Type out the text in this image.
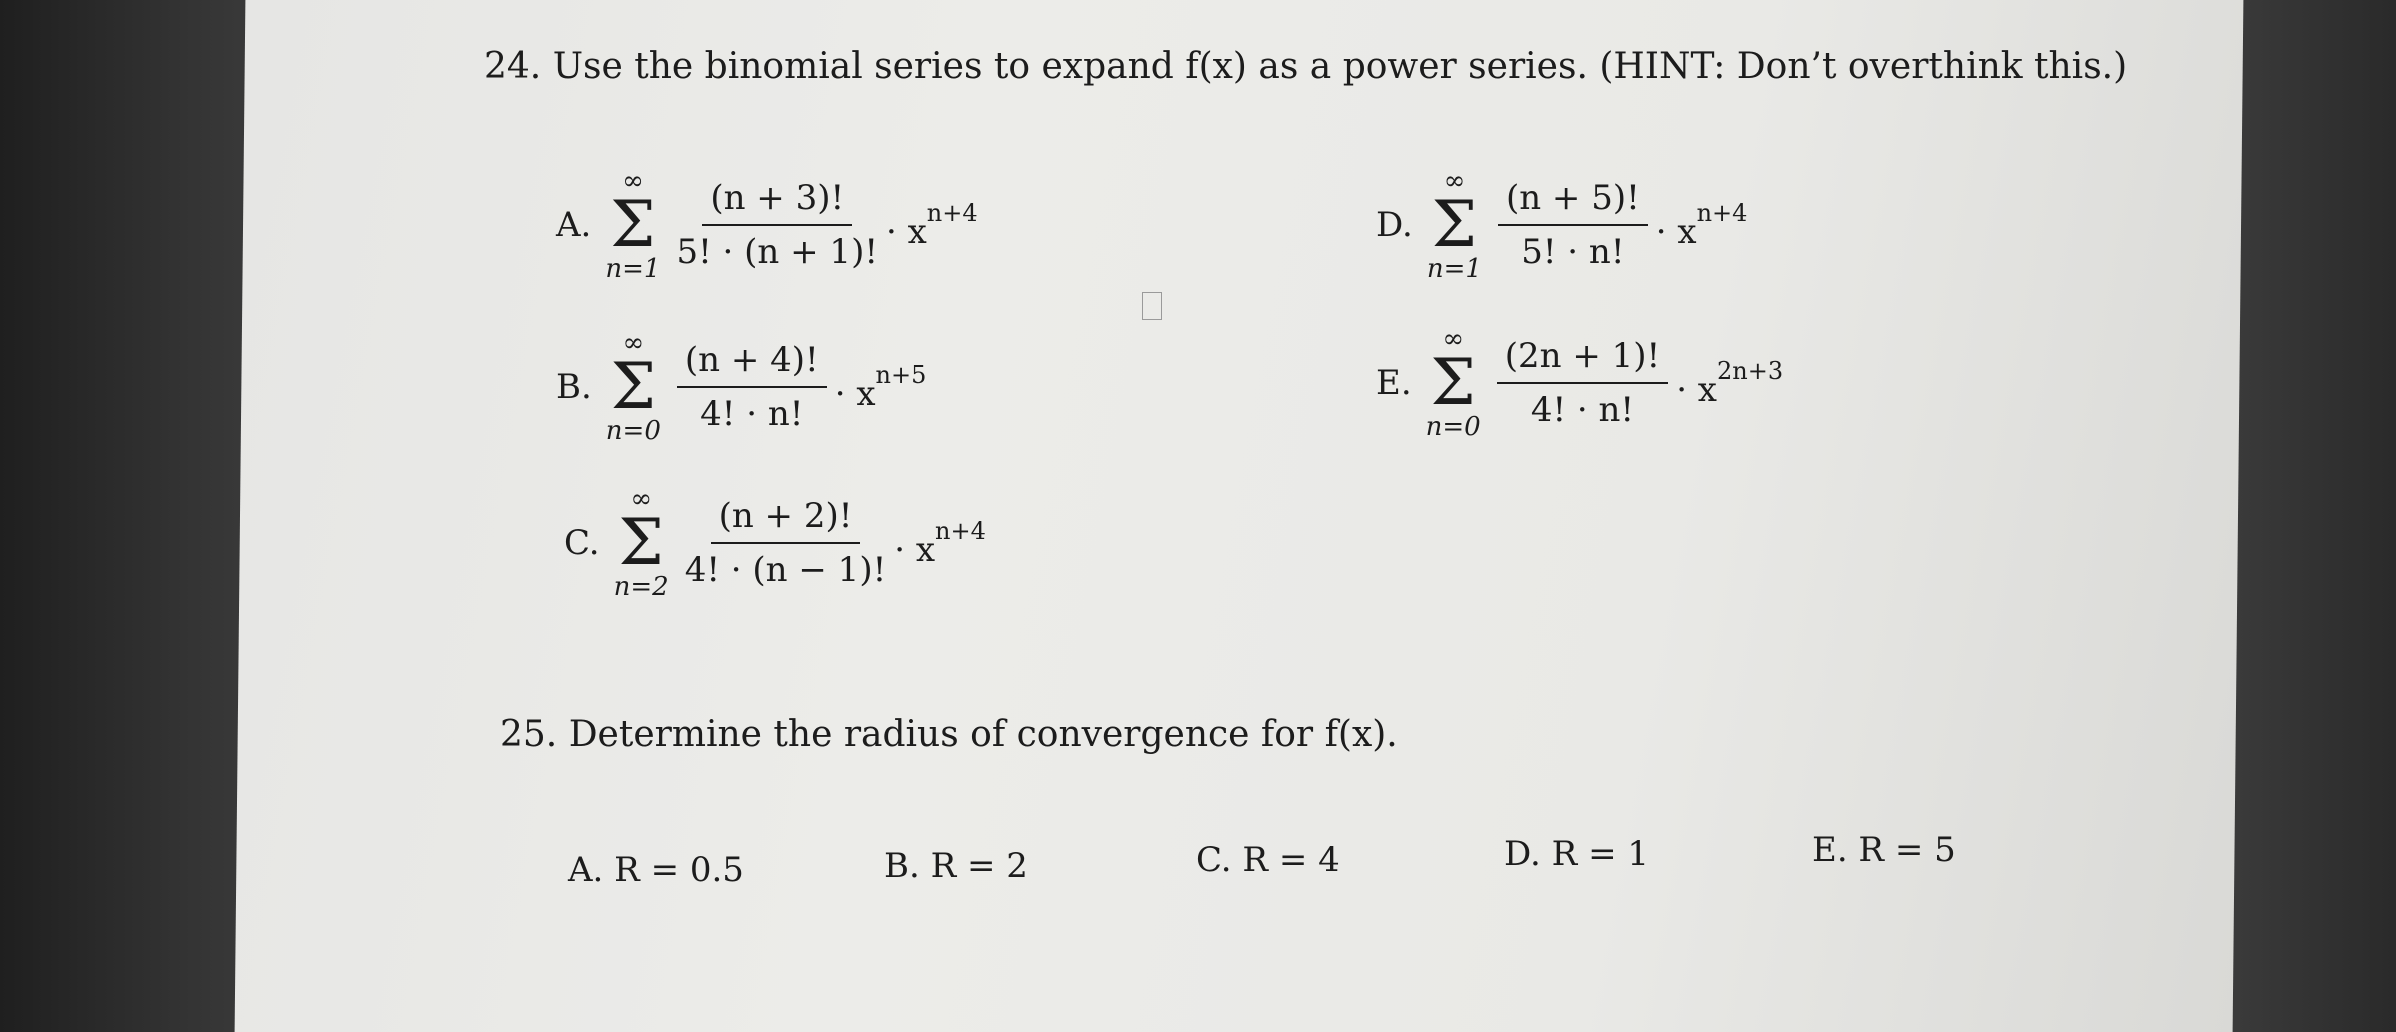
24. Use the binomial series to expand f(x) as a power series. (HINT: Don’t overthink this.)
A.
∞
Σ
$n=1 \frac{(n + 3)!}{5! \cdot (n + 1)!} \cdot x^{n+4}$
B.
∞
Σ
$n=0 \frac{(n + 4)!}{4! \cdot n!} \cdot x^{n+5}$
C.
∞
Σ
$n=2 \frac{(n + 2)!}{4! \cdot (n - 1)!} \cdot x^{n+4}$
D.
∞
Σ
$n=1 \frac{(n + 5)!}{5! \cdot n!} \cdot x^{n+4}$
E.
∞
Σ
$n=0 \frac{(2n + 1)!}{4! \cdot n!} \cdot x^{2n+3}$
25. Determine the radius of convergence for f(x).
A. R = 0.5	B. R = 2	C. R = 4	D. R = 1	E. R = 5
